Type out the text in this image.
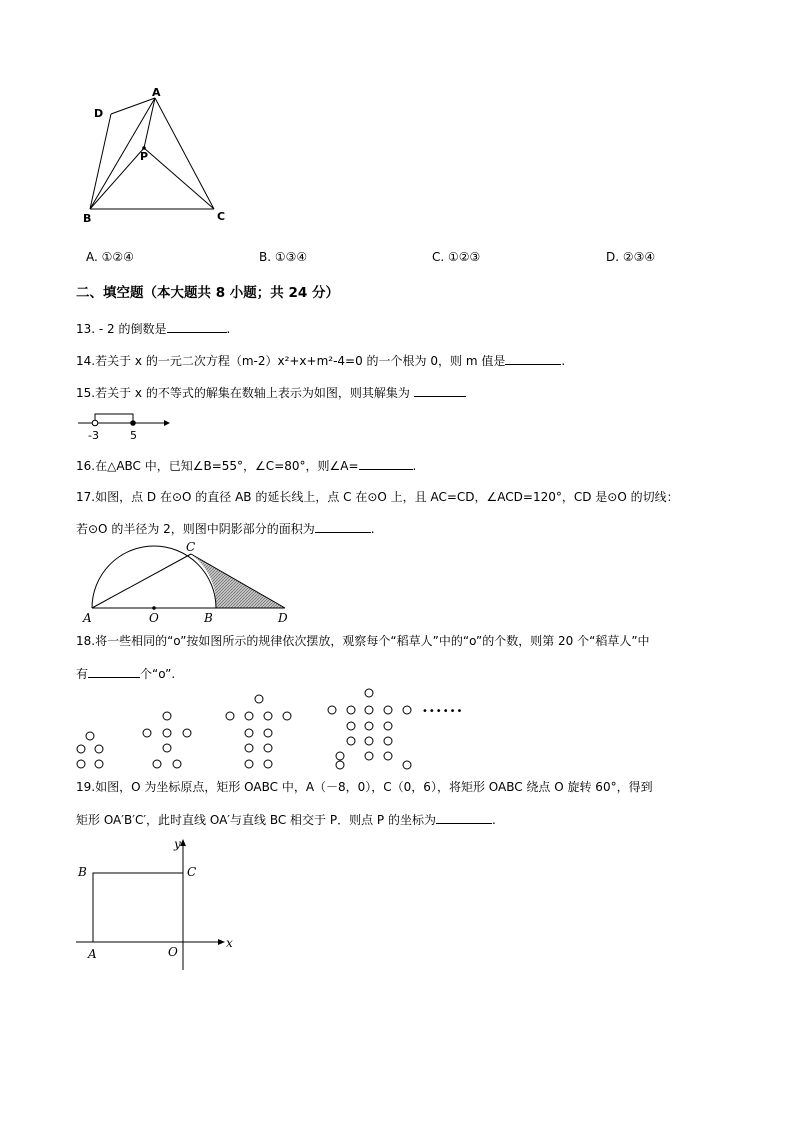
A
D
P
B	C
A. ①②④	B. ①③④	C. ①②③	D. ②③④
二、填空题（本大题共 8 小题；共 24 分）
13. - 2 的倒数是	.
14.若关于 x 的一元二次方程（m-2）x²+x+m²-4=0 的一个根为 0，则 m 值是	.
15.若关于 x 的不等式的解集在数轴上表示为如图，则其解集为
-3	5
16.在△ABC 中，已知∠B=55°，∠C=80°，则∠A=	.
17.如图，点 D 在⊙O 的直径 AB 的延长线上，点 C 在⊙O 上，且 AC=CD，∠ACD=120°，CD 是⊙O 的切线：
若⊙O 的半径为 2，则图中阴影部分的面积为	.
C
A	O	B	D
18.将一些相同的“o”按如图所示的规律依次摆放，观察每个“稻草人”中的“o”的个数，则第 20 个“稻草人”中
有	个“o”.
••••••
19.如图，O 为坐标原点，矩形 OABC 中，A（－8，0），C（0，6），将矩形 OABC 绕点 O 旋转 60°，得到
矩形 OA′B′C′，此时直线 OA′与直线 BC 相交于 P．则点 P 的坐标为	.
y
B	C
x
A	O
